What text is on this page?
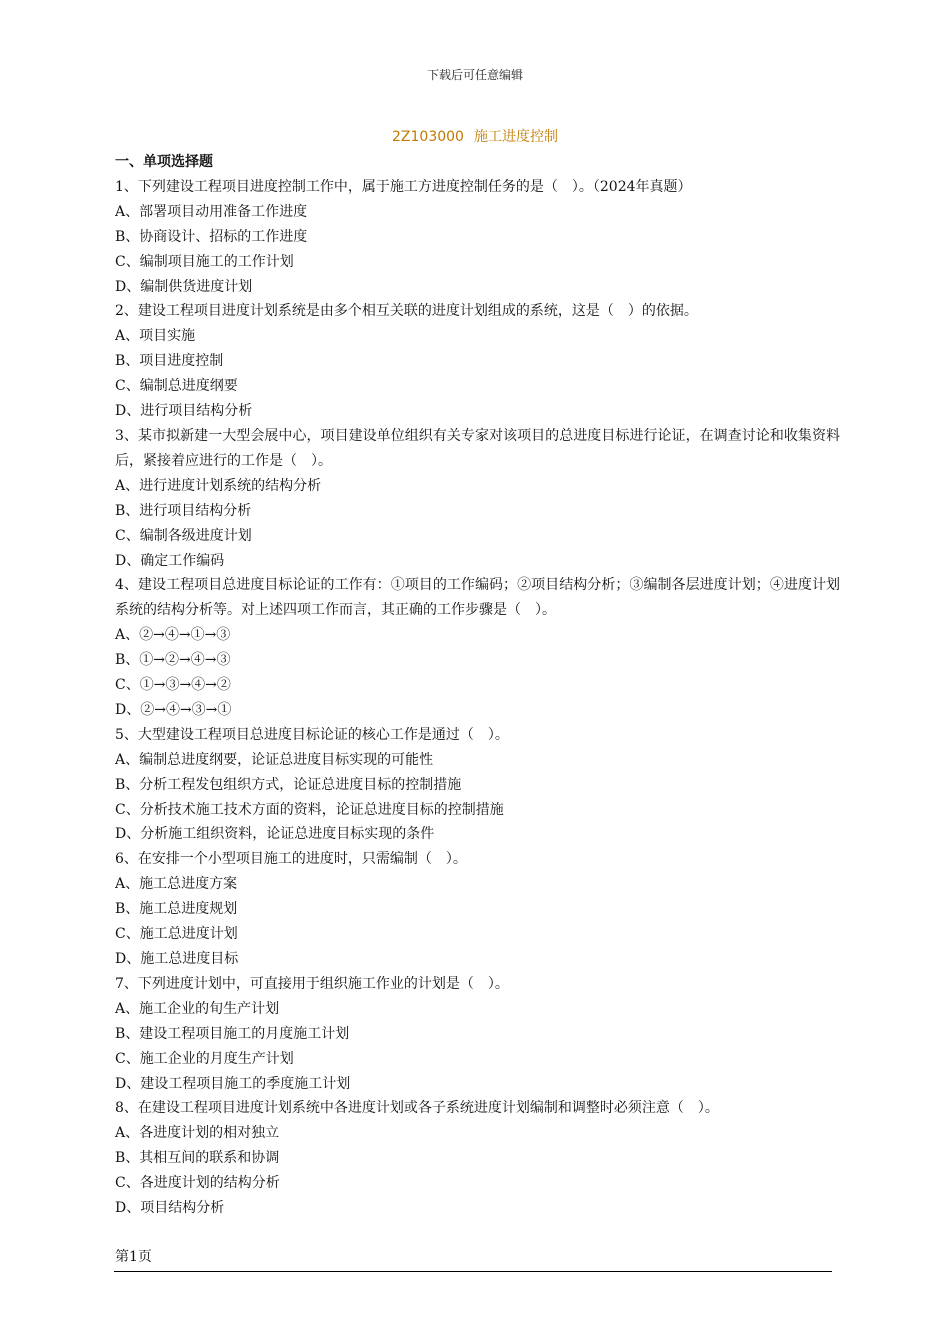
下载后可任意编辑
2Z103000 施工进度控制
一、单项选择题
1、下列建设工程项目进度控制工作中，属于施工方进度控制任务的是（　）。（2024年真题）
A、部署项目动用准备工作进度
B、协商设计、招标的工作进度
C、编制项目施工的工作计划
D、编制供货进度计划
2、建设工程项目进度计划系统是由多个相互关联的进度计划组成的系统，这是（　）的依据。
A、项目实施
B、项目进度控制
C、编制总进度纲要
D、进行项目结构分析
3、某市拟新建一大型会展中心，项目建设单位组织有关专家对该项目的总进度目标进行论证，在调查讨论和收集资料后，紧接着应进行的工作是（　）。
A、进行进度计划系统的结构分析
B、进行项目结构分析
C、编制各级进度计划
D、确定工作编码
4、建设工程项目总进度目标论证的工作有：①项目的工作编码；②项目结构分析；③编制各层进度计划；④进度计划系统的结构分析等。对上述四项工作而言，其正确的工作步骤是（　）。
A、②→④→①→③
B、①→②→④→③
C、①→③→④→②
D、②→④→③→①
5、大型建设工程项目总进度目标论证的核心工作是通过（　）。
A、编制总进度纲要，论证总进度目标实现的可能性
B、分析工程发包组织方式，论证总进度目标的控制措施
C、分析技术施工技术方面的资料，论证总进度目标的控制措施
D、分析施工组织资料，论证总进度目标实现的条件
6、在安排一个小型项目施工的进度时，只需编制（　）。
A、施工总进度方案
B、施工总进度规划
C、施工总进度计划
D、施工总进度目标
7、下列进度计划中，可直接用于组织施工作业的计划是（　）。
A、施工企业的旬生产计划
B、建设工程项目施工的月度施工计划
C、施工企业的月度生产计划
D、建设工程项目施工的季度施工计划
8、在建设工程项目进度计划系统中各进度计划或各子系统进度计划编制和调整时必须注意（　）。
A、各进度计划的相对独立
B、其相互间的联系和协调
C、各进度计划的结构分析
D、项目结构分析
第1页
